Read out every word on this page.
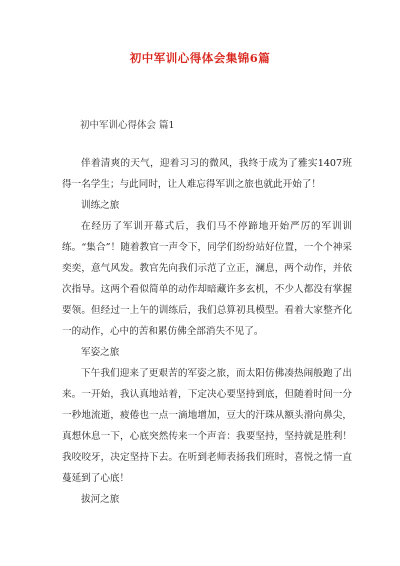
初中军训心得体会集锦6篇
初中军训心得体会 篇1

伴着清爽的天气，迎着习习的微风，我终于成为了雅实1407班得一名学生；与此同时，让人难忘得军训之旅也就此开始了！

训练之旅

在经历了军训开幕式后，我们马不停蹄地开始严厉的军训训练。“集合”！随着教官一声令下，同学们纷纷站好位置，一个个神采奕奕，意气风发。教官先向我们示范了立正，澜息，两个动作，并依次指导。这两个看似简单的动作却暗藏许多玄机，不少人都没有掌握要领。但经过一上午的训练后，我们总算初具模型。看着大家整齐化一的动作，心中的苦和累仿佛全部消失不见了。

军姿之旅

下午我们迎来了更艰苦的军姿之旅，而太阳仿佛凑热闹般跑了出来。一开始，我认真地站着，下定决心要坚持到底，但随着时间一分一秒地流逝，疲倦也一点一滴地增加，豆大的汗珠从额头滑向鼻尖，真想休息一下，心底突然传来一个声音：我要坚持，坚持就是胜利！我咬咬牙，决定坚持下去。在听到老师表扬我们班时，喜悦之情一直蔓延到了心底！

拔河之旅
